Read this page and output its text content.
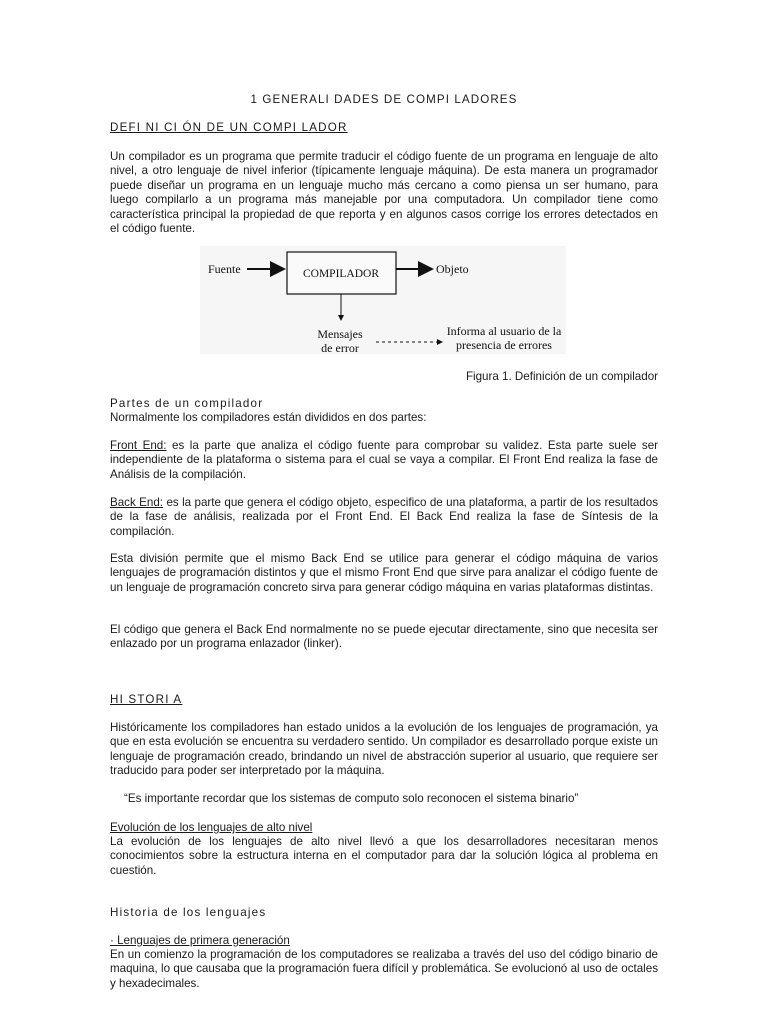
1 GENERALI DADES DE COMPI LADORES
DEFI NI CI ÓN DE UN COMPI LADOR
Un compilador es un programa que permite traducir el código fuente de un programa en lenguaje de alto nivel, a otro lenguaje de nivel inferior (típicamente lenguaje máquina). De esta manera un programador puede diseñar un programa en un lenguaje mucho más cercano a como piensa un ser humano, para luego compilarlo a un programa más manejable por una computadora. Un compilador tiene como característica principal la propiedad de que reporta y en algunos casos corrige los errores detectados en el código fuente.
Fuente	COMPILADOR	Objeto
Mensajes
de error
Informa al usuario de la
presencia de errores
Figura 1. Definición de un compilador
Partes de un compilador
Normalmente los compiladores están divididos en dos partes:
Front End: es la parte que analiza el código fuente para comprobar su validez. Esta parte suele ser independiente de la plataforma o sistema para el cual se vaya a compilar. El Front End realiza la fase de Análisis de la compilación.
Back End: es la parte que genera el código objeto, especifico de una plataforma, a partir de los resultados de la fase de análisis, realizada por el Front End. El Back End realiza la fase de Síntesis de la compilación.
Esta división permite que el mismo Back End se utilice para generar el código máquina de varios lenguajes de programación distintos y que el mismo Front End que sirve para analizar el código fuente de un lenguaje de programación concreto sirva para generar código máquina en varias plataformas distintas.
El código que genera el Back End normalmente no se puede ejecutar directamente, sino que necesita ser enlazado por un programa enlazador (linker).
HI STORI A
Históricamente los compiladores han estado unidos a la evolución de los lenguajes de programación, ya que en esta evolución se encuentra su verdadero sentido. Un compilador es desarrollado porque existe un lenguaje de programación creado, brindando un nivel de abstracción superior al usuario, que requiere ser traducido para poder ser interpretado por la máquina.
“Es importante recordar que los sistemas de computo solo reconocen el sistema binario”
Evolución de los lenguajes de alto nivel
La evolución de los lenguajes de alto nivel llevó a que los desarrolladores necesitaran menos conocimientos sobre la estructura interna en el computador para dar la solución lógica al problema en cuestión.
Historia de los lenguajes
· Lenguajes de primera generación
En un comienzo la programación de los computadores se realizaba a través del uso del código binario de maquina, lo que causaba que la programación fuera difícil y problemática. Se evolucionó al uso de octales y hexadecimales.
